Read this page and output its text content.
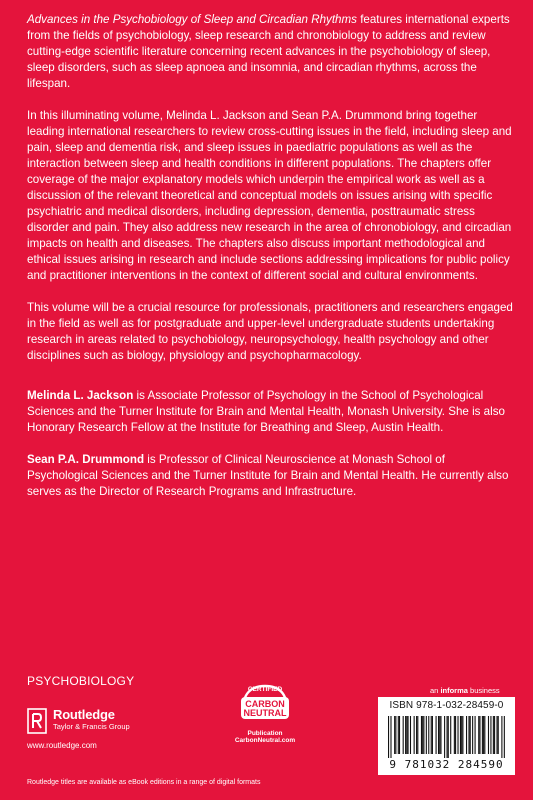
Advances in the Psychobiology of Sleep and Circadian Rhythms features international experts from the fields of psychobiology, sleep research and chronobiology to address and review cutting-edge scientific literature concerning recent advances in the psychobiology of sleep, sleep disorders, such as sleep apnoea and insomnia, and circadian rhythms, across the lifespan.

In this illuminating volume, Melinda L. Jackson and Sean P.A. Drummond bring together leading international researchers to review cross-cutting issues in the field, including sleep and pain, sleep and dementia risk, and sleep issues in paediatric populations as well as the interaction between sleep and health conditions in different populations. The chapters offer coverage of the major explanatory models which underpin the empirical work as well as a discussion of the relevant theoretical and conceptual models on issues arising with specific psychiatric and medical disorders, including depression, dementia, posttraumatic stress disorder and pain. They also address new research in the area of chronobiology, and circadian impacts on health and diseases. The chapters also discuss important methodological and ethical issues arising in research and include sections addressing implications for public policy and practitioner interventions in the context of different social and cultural environments.

This volume will be a crucial resource for professionals, practitioners and researchers engaged in the field as well as for postgraduate and upper-level undergraduate students undertaking research in areas related to psychobiology, neuropsychology, health psychology and other disciplines such as biology, physiology and psychopharmacology.

Melinda L. Jackson is Associate Professor of Psychology in the School of Psychological Sciences and the Turner Institute for Brain and Mental Health, Monash University. She is also Honorary Research Fellow at the Institute for Breathing and Sleep, Austin Health.

Sean P.A. Drummond is Professor of Clinical Neuroscience at Monash School of Psychological Sciences and the Turner Institute for Brain and Mental Health. He currently also serves as the Director of Research Programs and Infrastructure.

PSYCHOBIOLOGY
Routledge
Taylor & Francis Group
www.routledge.com
CERTIFIED
CARBON
NEUTRAL
Publication
CarbonNeutral.com
an informa business
ISBN 978-1-032-28459-0
9 781032 284590
Routledge titles are available as eBook editions in a range of digital formats
